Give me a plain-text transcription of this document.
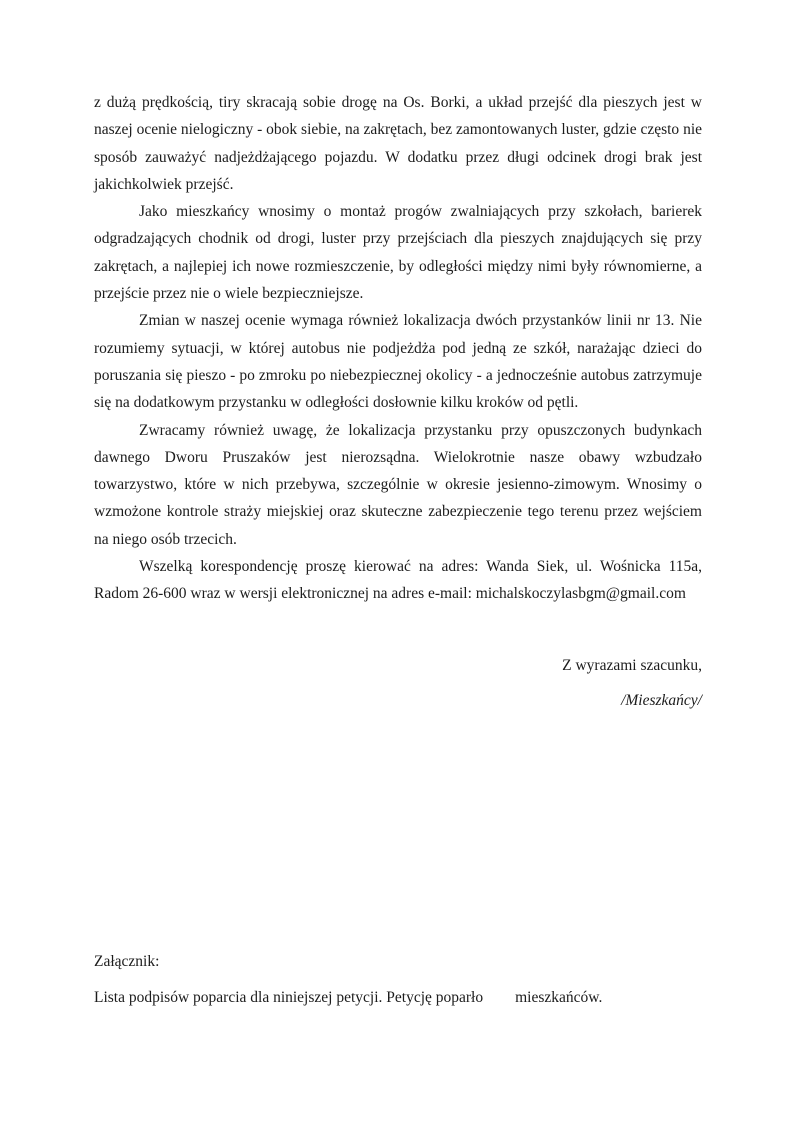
z dużą prędkością, tiry skracają sobie drogę na Os. Borki, a układ przejść dla pieszych jest w naszej ocenie nielogiczny - obok siebie, na zakrętach, bez zamontowanych luster, gdzie często nie sposób zauważyć nadjeżdżającego pojazdu. W dodatku przez długi odcinek drogi brak jest jakichkolwiek przejść.

Jako mieszkańcy wnosimy o montaż progów zwalniających przy szkołach, barierek odgradzających chodnik od drogi, luster przy przejściach dla pieszych znajdujących się przy zakrętach, a najlepiej ich nowe rozmieszczenie, by odległości między nimi były równomierne, a przejście przez nie o wiele bezpieczniejsze.

Zmian w naszej ocenie wymaga również lokalizacja dwóch przystanków linii nr 13. Nie rozumiemy sytuacji, w której autobus nie podjeżdża pod jedną ze szkół, narażając dzieci do poruszania się pieszo - po zmroku po niebezpiecznej okolicy - a jednocześnie autobus zatrzymuje się na dodatkowym przystanku w odległości dosłownie kilku kroków od pętli.

Zwracamy również uwagę, że lokalizacja przystanku przy opuszczonych budynkach dawnego Dworu Pruszaków jest nierozsądna. Wielokrotnie nasze obawy wzbudzało towarzystwo, które w nich przebywa, szczególnie w okresie jesienno-zimowym. Wnosimy o wzmożone kontrole straży miejskiej oraz skuteczne zabezpieczenie tego terenu przez wejściem na niego osób trzecich.

Wszelką korespondencję proszę kierować na adres: Wanda Siek, ul. Wośnicka 115a, Radom 26-600 wraz w wersji elektronicznej na adres e-mail: michalskoczylasbgm@gmail.com

Z wyrazami szacunku,

/Mieszkańcy/

Załącznik:

Lista podpisów poparcia dla niniejszej petycji. Petycję poparło mieszkańców.
